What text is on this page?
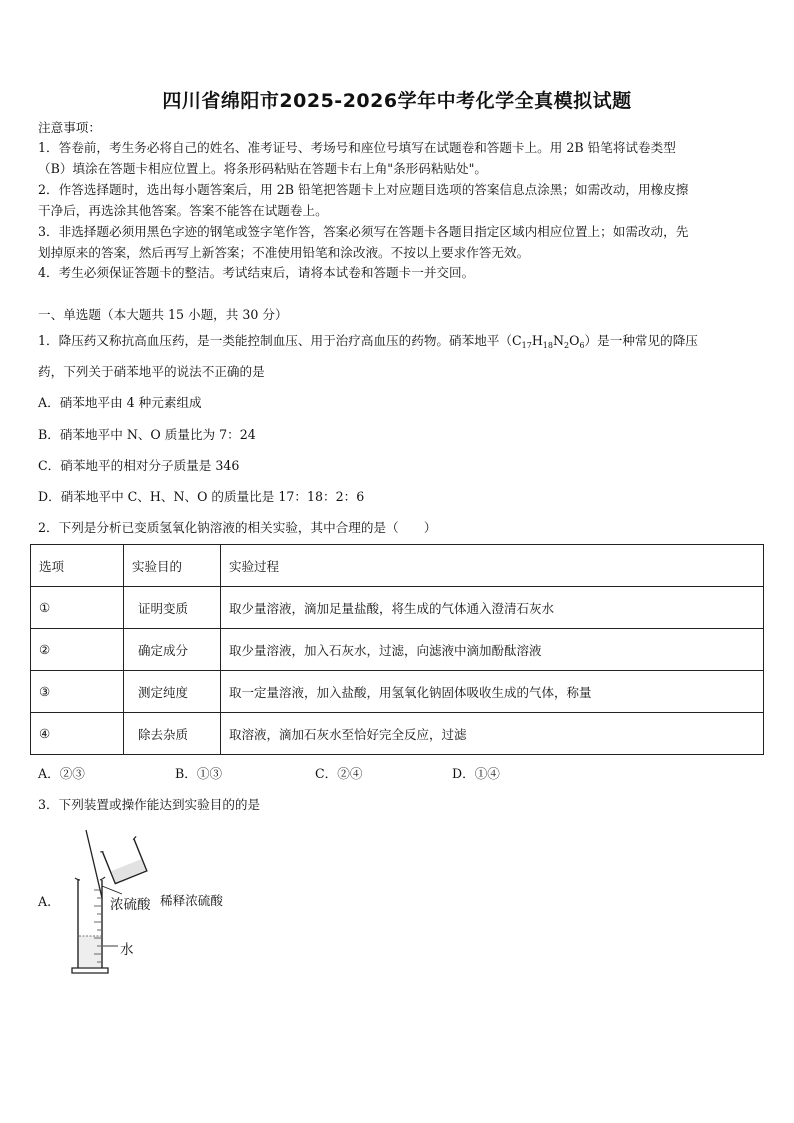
四川省绵阳市2025-2026学年中考化学全真模拟试题
注意事项：
1．答卷前，考生务必将自己的姓名、准考证号、考场号和座位号填写在试题卷和答题卡上。用 2B 铅笔将试卷类型
（B）填涂在答题卡相应位置上。将条形码粘贴在答题卡右上角"条形码粘贴处"。
2．作答选择题时，选出每小题答案后，用 2B 铅笔把答题卡上对应题目选项的答案信息点涂黑；如需改动，用橡皮擦
干净后，再选涂其他答案。答案不能答在试题卷上。
3．非选择题必须用黑色字迹的钢笔或签字笔作答，答案必须写在答题卡各题目指定区域内相应位置上；如需改动，先
划掉原来的答案，然后再写上新答案；不准使用铅笔和涂改液。不按以上要求作答无效。
4．考生必须保证答题卡的整洁。考试结束后，请将本试卷和答题卡一并交回。
一、单选题（本大题共 15 小题，共 30 分）
1．降压药又称抗高血压药，是一类能控制血压、用于治疗高血压的药物。硝苯地平$(C_{17}H_{18}N_2O_6)$是一种常见的降压
药，下列关于硝苯地平的说法不正确的是
A．硝苯地平由 4 种元素组成
B．硝苯地平中 N、O 质量比为 7：24
C．硝苯地平的相对分子质量是 346
D．硝苯地平中 C、H、N、O 的质量比是 17：18：2：6
2．下列是分析已变质氢氧化钠溶液的相关实验，其中合理的是（　　）
选项	实验目的	实验过程
①	证明变质	取少量溶液，滴加足量盐酸，将生成的气体通入澄清石灰水
②	确定成分	取少量溶液，加入石灰水，过滤，向滤液中滴加酚酞溶液
③	测定纯度	取一定量溶液，加入盐酸，用氢氧化钠固体吸收生成的气体，称量
④	除去杂质	取溶液，滴加石灰水至恰好完全反应，过滤
A．②③	B．①③	C．②④	D．①④
3．下列装置或操作能达到实验目的的是
A.	浓硫酸
水
稀释浓硫酸
